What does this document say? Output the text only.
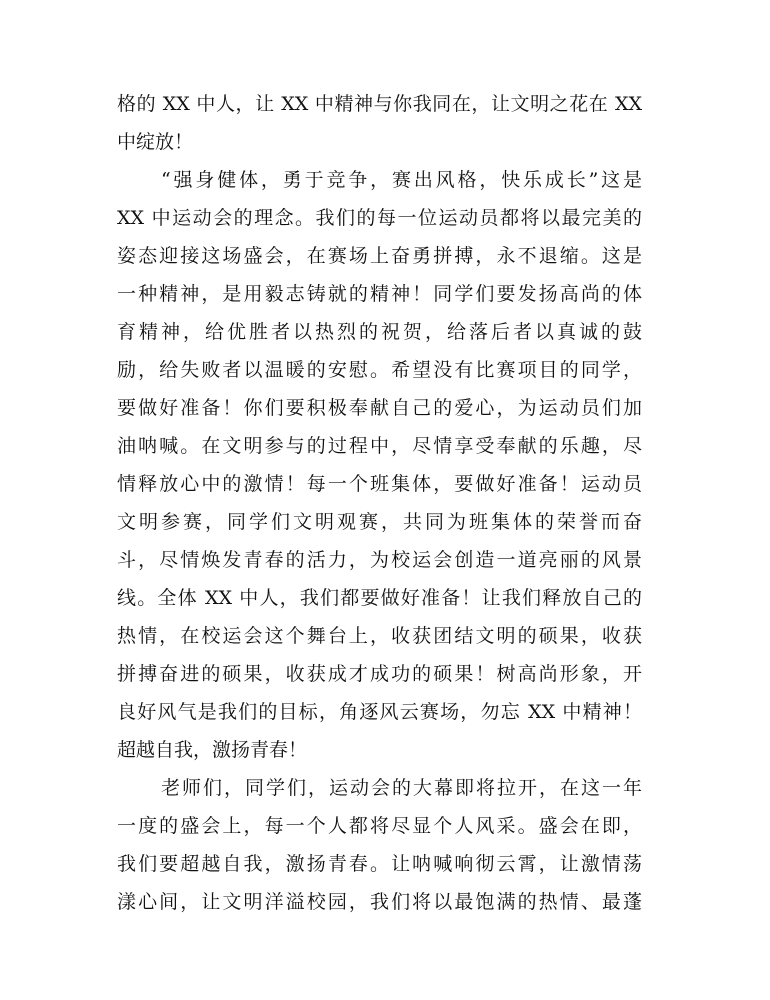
格的 XX 中人，让 XX 中精神与你我同在，让文明之花在 XX
中绽放！
“强身健体，勇于竞争，赛出风格，快乐成长”这是
XX 中运动会的理念。我们的每一位运动员都将以最完美的
姿态迎接这场盛会，在赛场上奋勇拼搏，永不退缩。这是
一种精神，是用毅志铸就的精神！同学们要发扬高尚的体
育精神，给优胜者以热烈的祝贺，给落后者以真诚的鼓
励，给失败者以温暖的安慰。希望没有比赛项目的同学，
要做好准备！你们要积极奉献自己的爱心，为运动员们加
油呐喊。在文明参与的过程中，尽情享受奉献的乐趣，尽
情释放心中的激情！每一个班集体，要做好准备！运动员
文明参赛，同学们文明观赛，共同为班集体的荣誉而奋
斗，尽情焕发青春的活力，为校运会创造一道亮丽的风景
线。全体 XX 中人，我们都要做好准备！让我们释放自己的
热情，在校运会这个舞台上，收获团结文明的硕果，收获
拼搏奋进的硕果，收获成才成功的硕果！树高尚形象，开
良好风气是我们的目标，角逐风云赛场，勿忘 XX 中精神！
超越自我，激扬青春！
老师们，同学们，运动会的大幕即将拉开，在这一年
一度的盛会上，每一个人都将尽显个人风采。盛会在即，
我们要超越自我，激扬青春。让呐喊响彻云霄，让激情荡
漾心间，让文明洋溢校园，我们将以最饱满的热情、最蓬
